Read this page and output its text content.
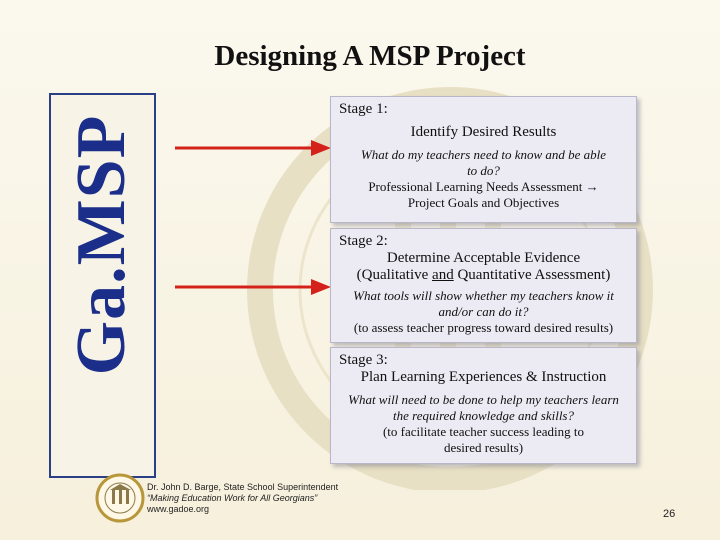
Designing A MSP Project
Ga.MSP
Stage 1:
Identify Desired Results
What do my teachers need to know and be able to do?
Professional Learning Needs Assessment →
Project Goals and Objectives
Stage 2:
Determine Acceptable Evidence
(Qualitative and Quantitative Assessment)
What tools will show whether my teachers know it and/or can do it?
(to assess teacher progress toward desired results)
Stage 3:
Plan Learning Experiences & Instruction
What will need to be done to help my teachers learn the required knowledge and skills?
(to facilitate teacher success leading to desired results)
Dr. John D. Barge, State School Superintendent
“Making Education Work for All Georgians”
www.gadoe.org	26
